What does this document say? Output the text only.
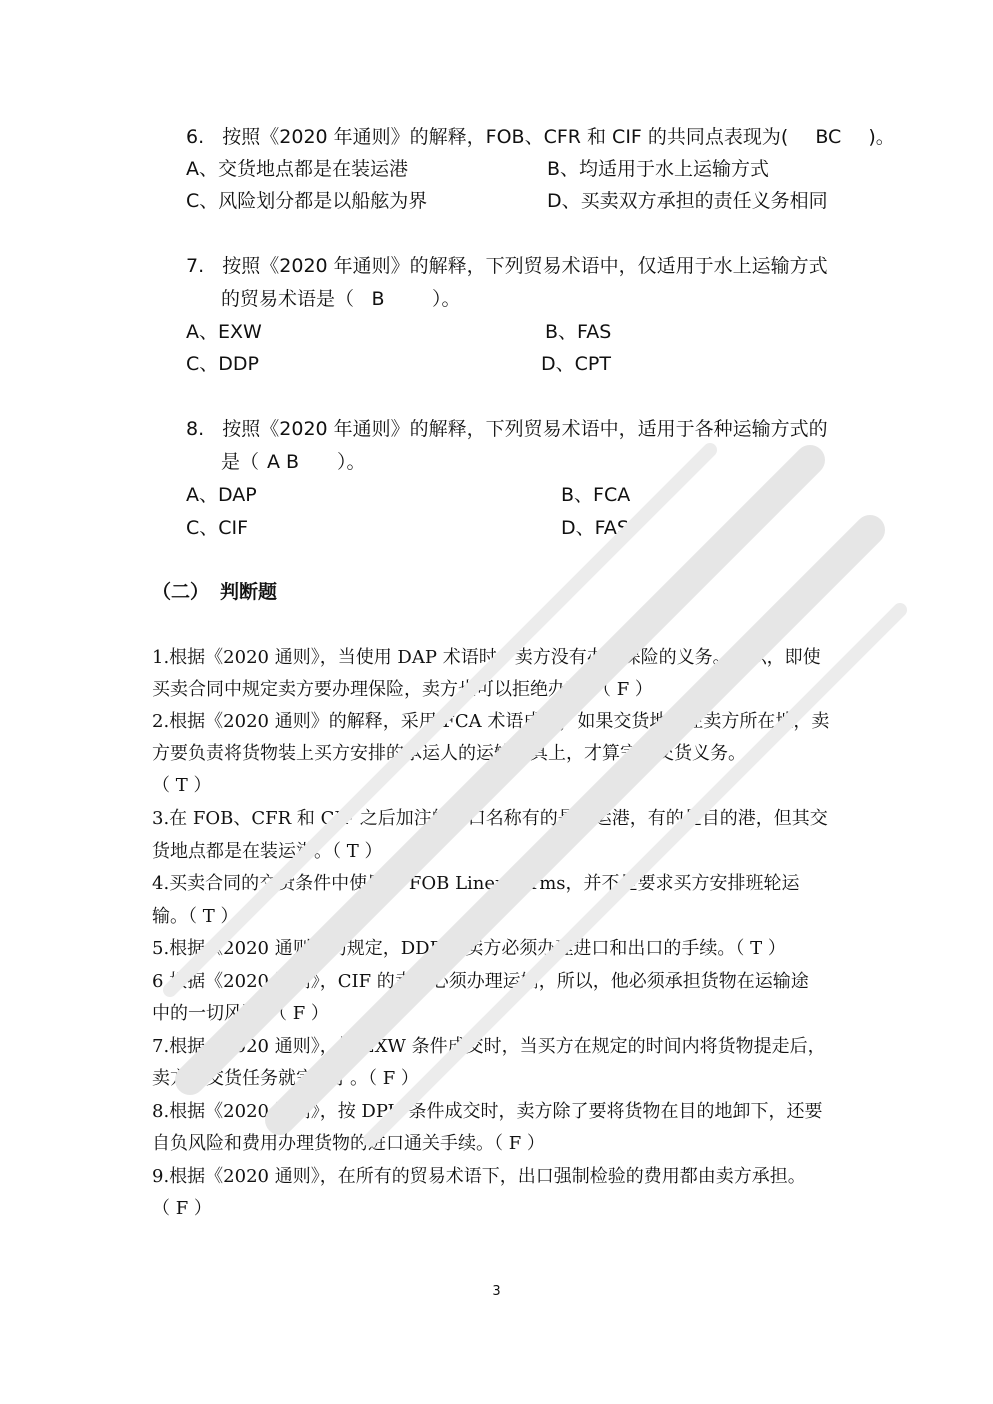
6. 按照《2020 年通则》的解释，FOB、CFR 和 CIF 的共同点表现为( BC )。
A、交货地点都是在装运港	B、均适用于水上运输方式
C、风险划分都是以船舷为界	D、买卖双方承担的责任义务相同
7. 按照《2020 年通则》的解释，下列贸易术语中，仅适用于水上运输方式
的贸易术语是（ B ）。
A、EXW	B、FAS
C、DDP	D、CPT
8. 按照《2020 年通则》的解释，下列贸易术语中，适用于各种运输方式的
是（ A B ）。
A、DAP	B、FCA
C、CIF	D、FAS
（二） 判断题
1.根据《2020 通则》，当使用 DAP 术语时，卖方没有办理保险的义务。所以，即使
买卖合同中规定卖方要办理保险，卖方也可以拒绝办理。（ F ）
2.根据《2020 通则》的解释，采用 FCA 术语成交，如果交货地点在卖方所在地，卖
方要负责将货物装上买方安排的承运人的运输工具上，才算完成交货义务。
（ T ）
3.在 FOB、CFR 和 CIF 之后加注的港口名称有的是装运港，有的是目的港，但其交
货地点都是在装运港。（ T ）
4.买卖合同的交货条件中使用了 FOB Liner Terms，并不是要求买方安排班轮运
输。（ T ）
5.根据《2020 通则》的规定，DDP 的卖方必须办理进口和出口的手续。（ T ）
6.根据《2020 通则》，CIF 的卖方必须办理运输，所以，他必须承担货物在运输途
中的一切风险。（ F ）
7.根据《2020 通则》，按 EXW 条件成交时，当买方在规定的时间内将货物提走后，
卖方的交货任务就完成了。（ F ）
8.根据《2020 通则》，按 DPU 条件成交时，卖方除了要将货物在目的地卸下，还要
自负风险和费用办理货物的进口通关手续。（ F ）
9.根据《2020 通则》，在所有的贸易术语下，出口强制检验的费用都由卖方承担。
（ F ）
3
